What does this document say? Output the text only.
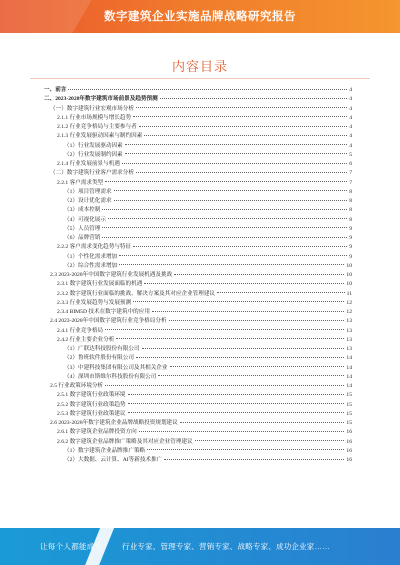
数字建筑企业实施品牌战略研究报告
内容目录
一、前言	4
二、2023-2028年数字建筑市场前景及趋势预测	4
（一）数字建筑行业宏观市场分析	4
2.1.1 行业市场规模与增长趋势	4
2.1.2 行业竞争格局与主要参与者	4
2.1.3 行业发展驱动因素与制约因素	4
（1）行业发展驱动因素	4
（2）行业发展制约因素	5
2.1.4 行业发展前景与机遇	6
（二）数字建筑行业客户需求分析	7
2.2.1 客户需求类型	7
（1）项目管理需求	8
（2）设计优化需求	8
（3）成本控制	8
（4）可视化展示	8
（5）人员管理	9
（6）品牌营销	9
2.2.2 客户需求变化趋势与特征	9
（1）个性化需求增加	9
（2）综合性需求增加	10
2.3 2023-2028年中国数字建筑行业发展机遇及挑战	10
2.3.1 数字建筑行业发展面临的机遇	10
2.3.2 数字建筑行业面临的挑战、解决方案及其对应企业管理建议	11
2.3.3 行业发展趋势与发展预测	12
2.3.4 BIM5D 技术在数字建筑中的应用	12
2.4 2023-2028年中国数字建筑行业竞争格局分析	13
2.4.1 行业竞争格局	13
2.4.2 行业主要企业分析	13
（1）广联达科技股份有限公司	13
（2）鲁班软件股份有限公司	14
（3）中建科技集团有限公司及其相关企业	14
（4）深圳市斯维尔科技股份有限公司	14
2.5 行业政策环境分析	14
2.5.1 数字建筑行业政策环境	15
2.5.2 数字建筑行业政策趋势	15
2.5.3 数字建筑行业政策建议	15
2.6 2023-2028年数字建筑企业品牌战略投资规划建议	15
2.6.1 数字建筑企业品牌投资方向	16
2.6.2 数字建筑企业品牌推广策略及其对应企业管理建议	16
（1）数字建筑企业品牌推广策略	16
（2）大数据、云计算、AI等新技术推广	16
让每个人都能成为	行业专家、管理专家、营销专家、战略专家、成功企业家……
